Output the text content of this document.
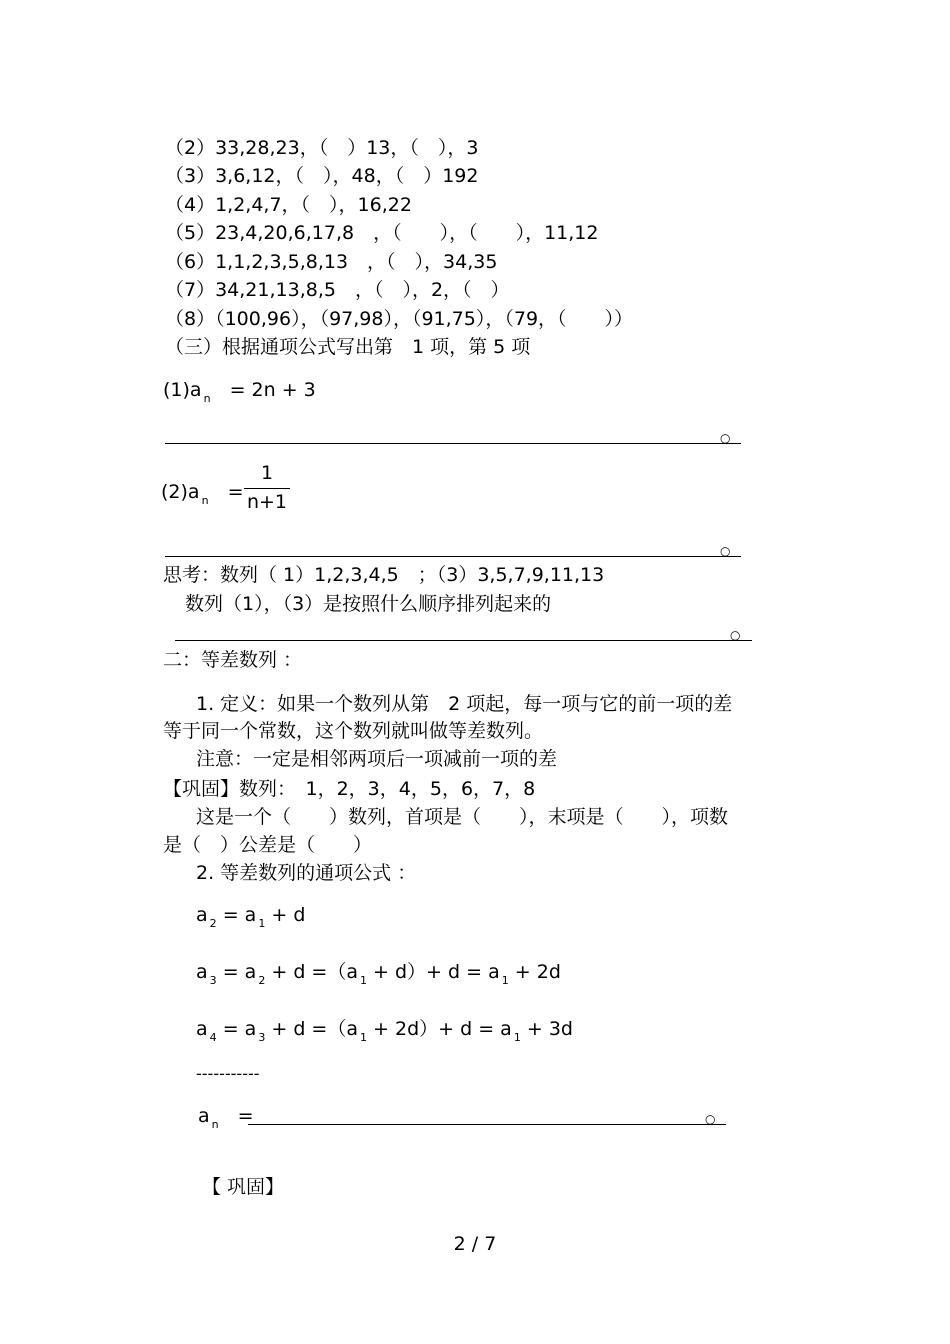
（2）33,28,23，（　）13，（　），3
（3）3,6,12，（　），48，（　）192
（4）1,2,4,7，（　），16,22
（5）23,4,20,6,17,8　，（　　），（　　），11,12
（6）1,1,2,3,5,8,13　，（　），34,35
（7）34,21,13,8,5　，（　），2，（　）
（8）（100,96），（97,98），（91,75），（79，（　　））
（三）根据通项公式写出第　1 项，第 5 项
(1)a $_n$　 = 2n + 3
○
(2)a $_n$　 =
1
n+1
○
思考：数列（ 1）1,2,3,4,5　；（3）3,5,7,9,11,13
数列（1），（3）是按照什么顺序排列起来的
○
二：等差数列 ：
1. 定义：如果一个数列从第　2 项起，每一项与它的前一项的差
等于同一个常数，这个数列就叫做等差数列。
注意：一定是相邻两项后一项减前一项的差
【巩固】数列：　1，2，3，4，5，6，7，8
这是一个（　　）数列，首项是（　　），末项是（　　），项数
是（　）公差是（　　）
2. 等差数列的通项公式 ：
a $_2$ = a $_1$ + d
a $_3$ = a $_2$ + d =（a $_1$ + d）+ d = a $_1$ + 2d
a $_4$ = a $_3$ + d =（a $_1$ + 2d）+ d = a $_1$ + 3d
-----------
a $_n$　 =	○
【 巩固】
2 / 7
